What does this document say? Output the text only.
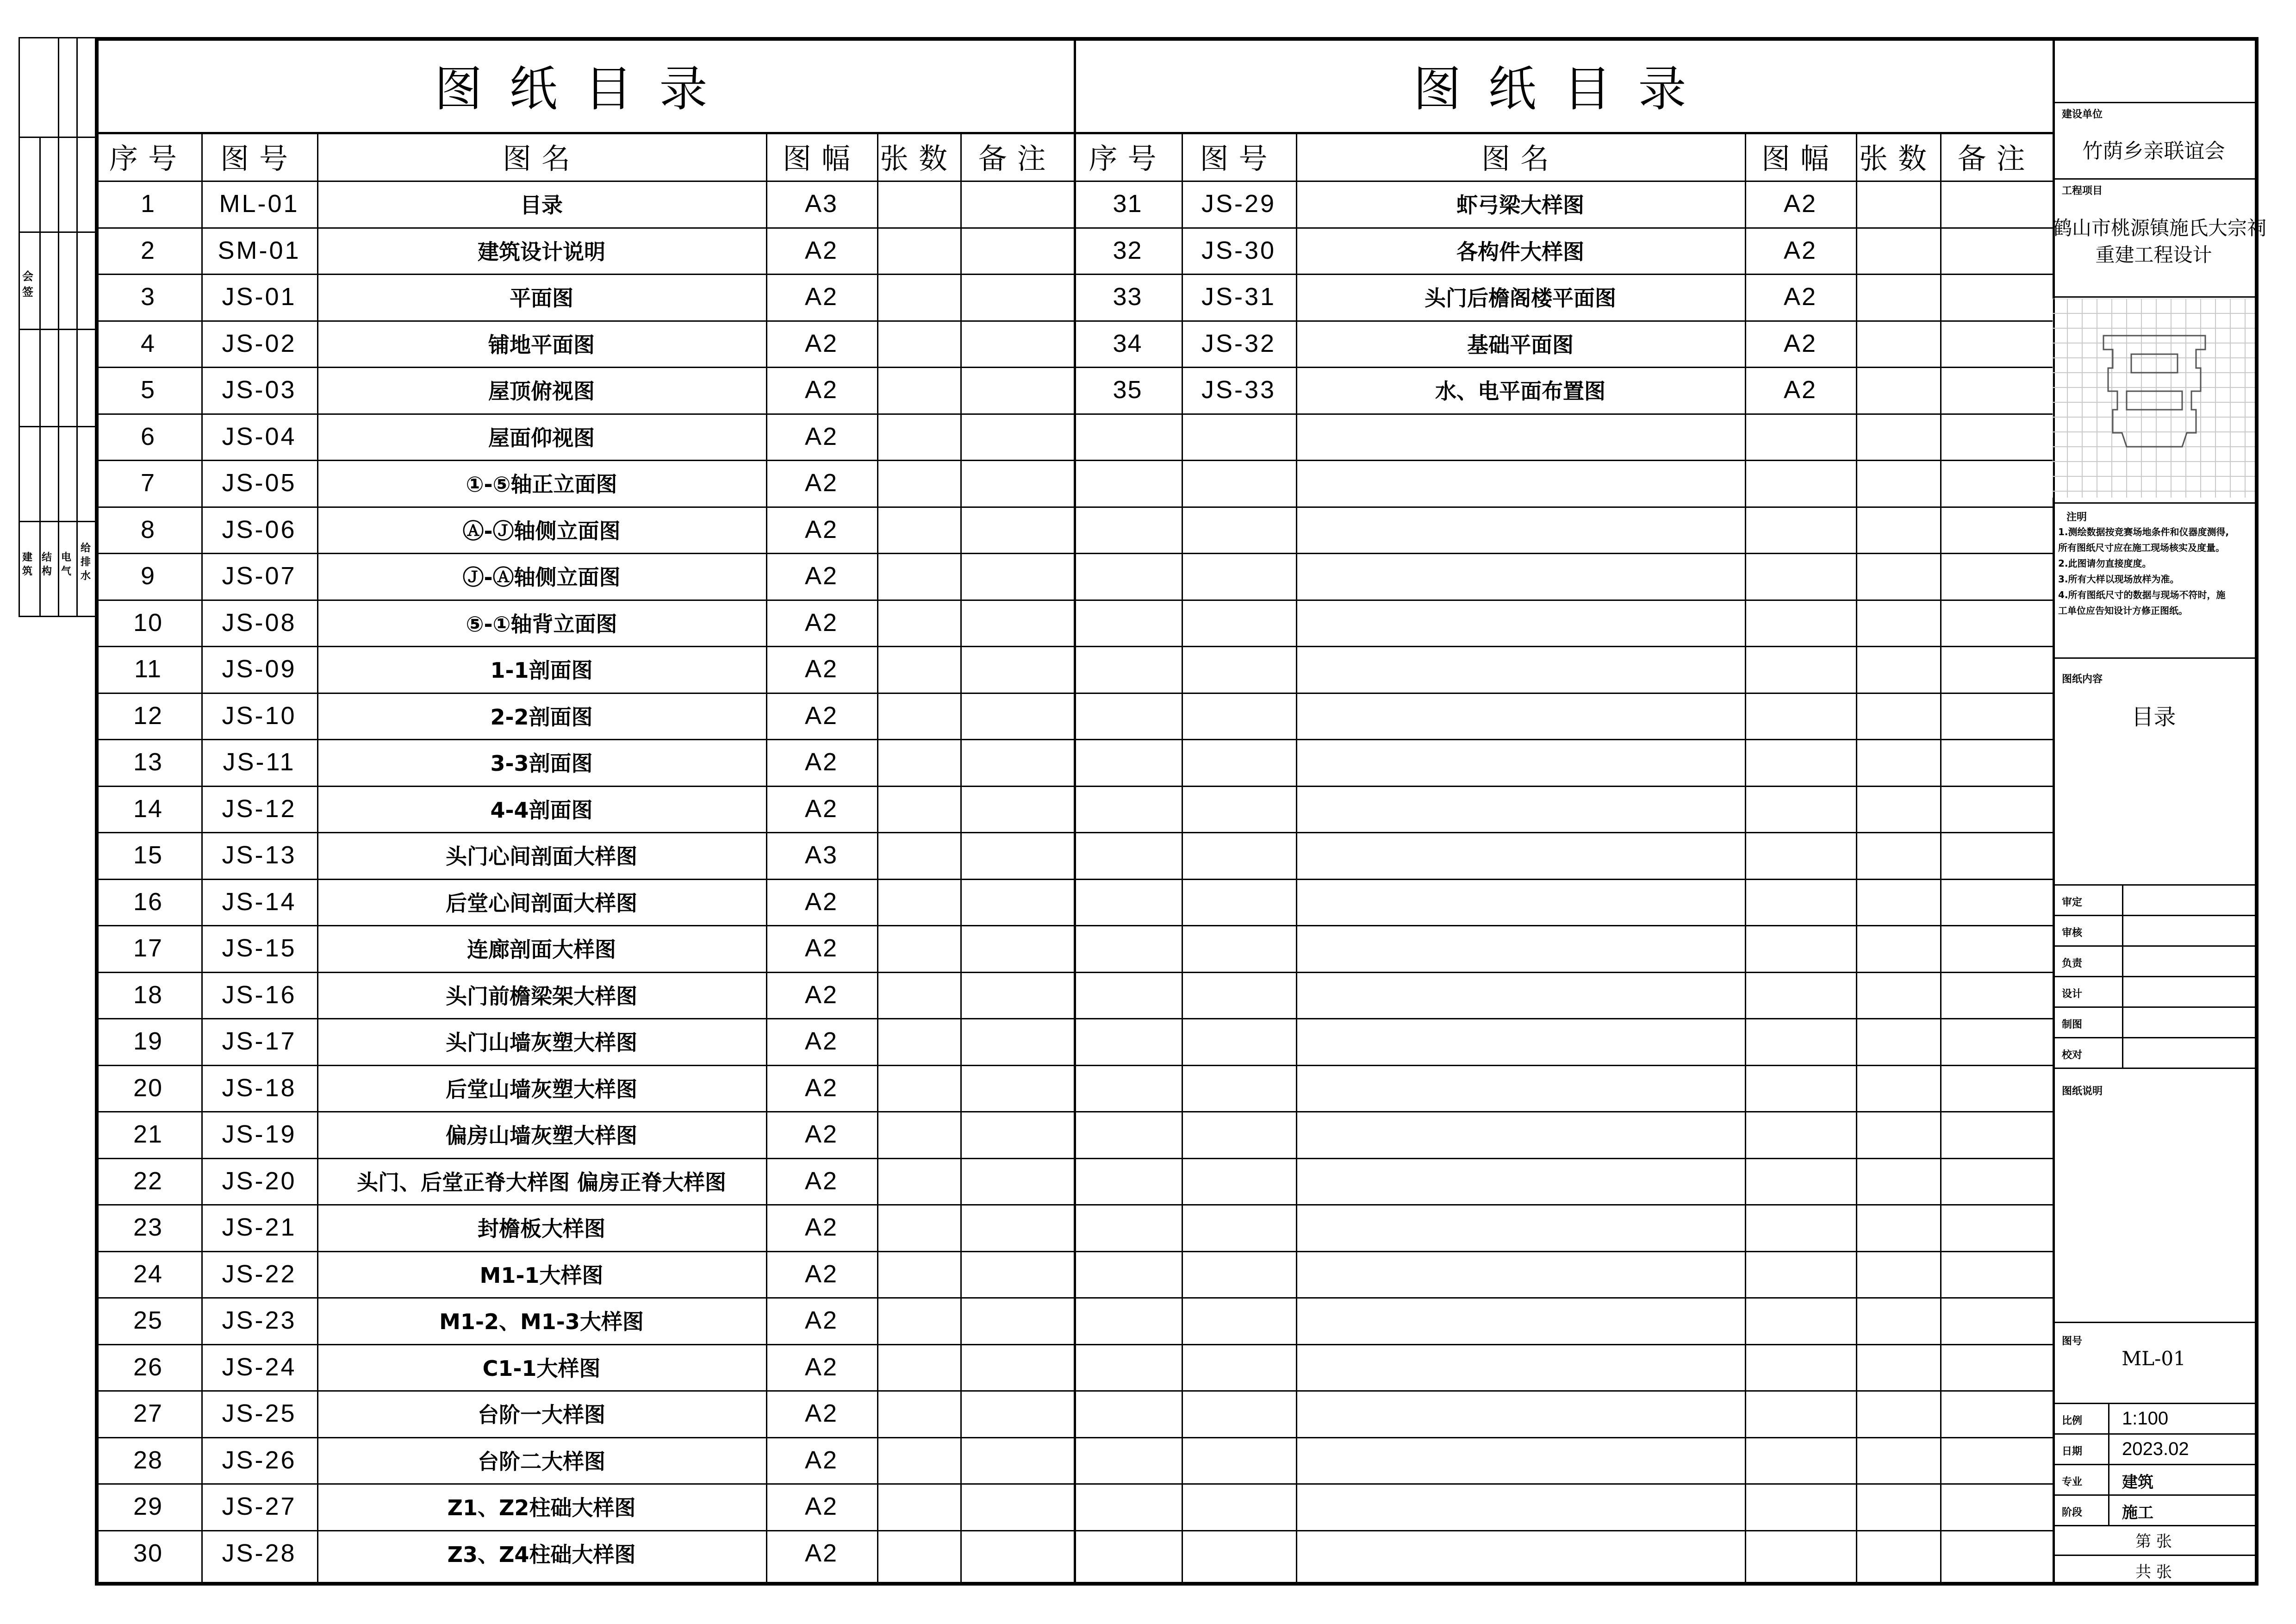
图纸目录	图纸目录
序号	图号	图名	图幅 张数 备注	序号	图号	图名	图幅 张数 备注
1	ML-01	目录	A3
2	SM-01	建筑设计说明	A2
3	JS-01	平面图	A2
4	JS-02	铺地平面图	A2
5	JS-03	屋顶俯视图	A2
6	JS-04	屋面仰视图	A2
7	JS-05	①-⑤轴正立面图	A2
8	JS-06	Ⓐ-Ⓙ轴侧立面图	A2
9	JS-07	Ⓙ-Ⓐ轴侧立面图	A2
10	JS-08	⑤-①轴背立面图	A2
11	JS-09	1-1剖面图	A2
12	JS-10	2-2剖面图	A2
13	JS-11	3-3剖面图	A2
14	JS-12	4-4剖面图	A2
15	JS-13	头门心间剖面大样图	A3
16	JS-14	后堂心间剖面大样图	A2
17	JS-15	连廊剖面大样图	A2
18	JS-16	头门前檐梁架大样图	A2
19	JS-17	头门山墙灰塑大样图	A2
20	JS-18	后堂山墙灰塑大样图	A2
21	JS-19	偏房山墙灰塑大样图	A2
22	JS-20	头门、后堂正脊大样图 偏房正脊大样图	A2
23	JS-21	封檐板大样图	A2
24	JS-22	M1-1大样图	A2
25	JS-23	M1-2、M1-3大样图	A2
26	JS-24	C1-1大样图	A2
27	JS-25	台阶一大样图	A2
28	JS-26	台阶二大样图	A2
29	JS-27	Z1、Z2柱础大样图	A2
30	JS-28	Z3、Z4柱础大样图	A2
31	JS-29	虾弓梁大样图	A2
32	JS-30	各构件大样图	A2
33	JS-31	头门后檐阁楼平面图	A2
34	JS-32	基础平面图	A2
35	JS-33	水、电平面布置图	A2
建设单位
竹荫乡亲联谊会
工程项目
鹤山市桃源镇施氏大宗祠
重建工程设计
注明
1.测绘数据按竞赛场地条件和仪器度测得,
所有图纸尺寸应在施工现场核实及度量。
2.此图请勿直接度度。
3.所有大样以现场放样为准。
4.所有图纸尺寸的数据与现场不符时，施
工单位应告知设计方修正图纸。
图纸内容
目录
审定
审核
负责
设计
制图
校对
图纸说明
图号
ML-01
比例 1:100
日期 2023.02
专业	建筑
阶段	施工
第 张
共 张
会签
建筑
结构
电气
给排水
